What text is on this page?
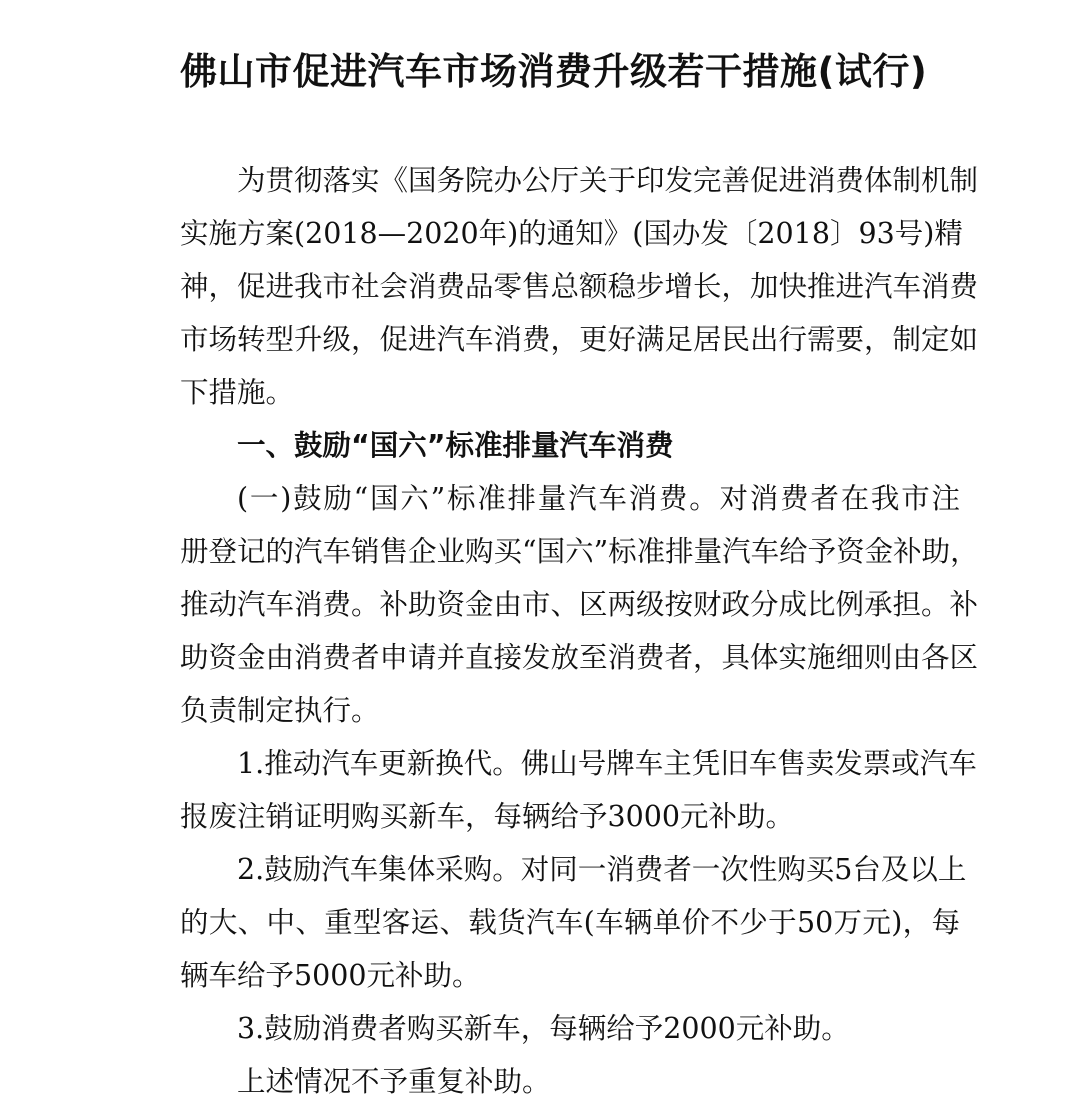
佛山市促进汽车市场消费升级若干措施(试行)
为贯彻落实《国务院办公厅关于印发完善促进消费体制机制
实施方案(2018—2020年)的通知》(国办发〔2018〕93号)精
神，促进我市社会消费品零售总额稳步增长，加快推进汽车消费
市场转型升级，促进汽车消费，更好满足居民出行需要，制定如
下措施。
一、鼓励“国六”标准排量汽车消费
(一)鼓励“国六”标准排量汽车消费。对消费者在我市注
册登记的汽车销售企业购买“国六”标准排量汽车给予资金补助，
推动汽车消费。补助资金由市、区两级按财政分成比例承担。补
助资金由消费者申请并直接发放至消费者，具体实施细则由各区
负责制定执行。
1.推动汽车更新换代。佛山号牌车主凭旧车售卖发票或汽车
报废注销证明购买新车，每辆给予3000元补助。
2.鼓励汽车集体采购。对同一消费者一次性购买5台及以上
的大、中、重型客运、载货汽车(车辆单价不少于50万元)，每
辆车给予5000元补助。
3.鼓励消费者购买新车，每辆给予2000元补助。
上述情况不予重复补助。
